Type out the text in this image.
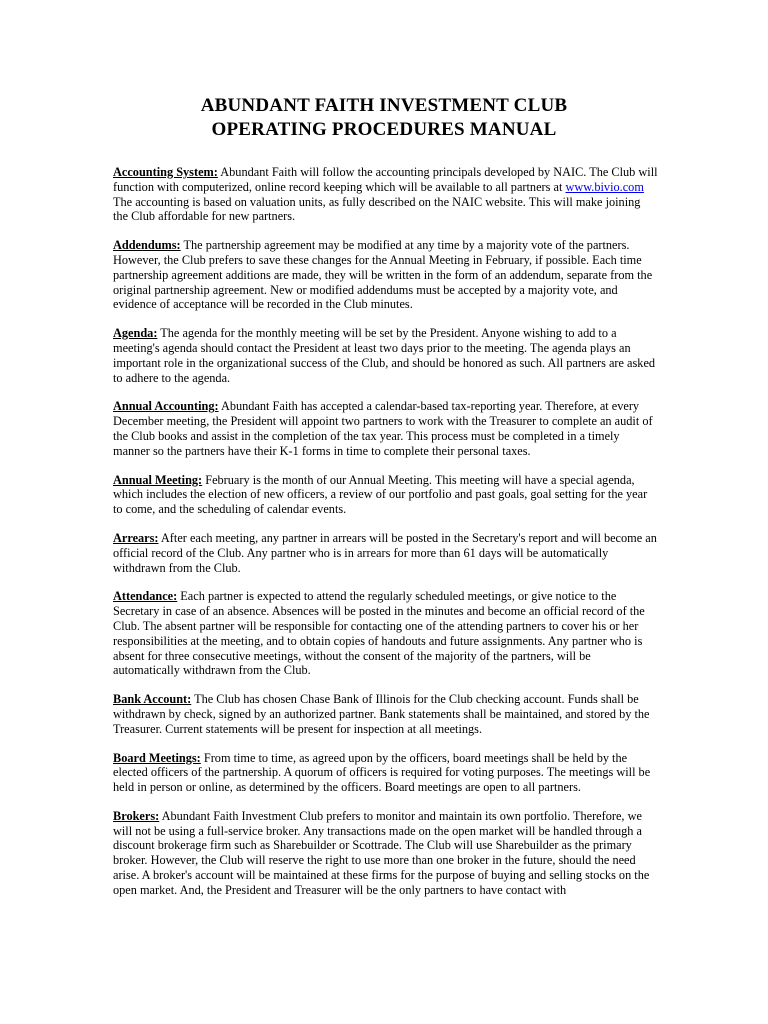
ABUNDANT FAITH INVESTMENT CLUB
OPERATING PROCEDURES MANUAL

Accounting System: Abundant Faith will follow the accounting principals developed by NAIC. The Club will function with computerized, online record keeping which will be available to all partners at www.bivio.com The accounting is based on valuation units, as fully described on the NAIC website. This will make joining the Club affordable for new partners.

Addendums: The partnership agreement may be modified at any time by a majority vote of the partners. However, the Club prefers to save these changes for the Annual Meeting in February, if possible. Each time partnership agreement additions are made, they will be written in the form of an addendum, separate from the original partnership agreement. New or modified addendums must be accepted by a majority vote, and evidence of acceptance will be recorded in the Club minutes.

Agenda: The agenda for the monthly meeting will be set by the President. Anyone wishing to add to a meeting's agenda should contact the President at least two days prior to the meeting. The agenda plays an important role in the organizational success of the Club, and should be honored as such. All partners are asked to adhere to the agenda.

Annual Accounting: Abundant Faith has accepted a calendar-based tax-reporting year. Therefore, at every December meeting, the President will appoint two partners to work with the Treasurer to complete an audit of the Club books and assist in the completion of the tax year. This process must be completed in a timely manner so the partners have their K-1 forms in time to complete their personal taxes.

Annual Meeting: February is the month of our Annual Meeting. This meeting will have a special agenda, which includes the election of new officers, a review of our portfolio and past goals, goal setting for the year to come, and the scheduling of calendar events.

Arrears: After each meeting, any partner in arrears will be posted in the Secretary's report and will become an official record of the Club. Any partner who is in arrears for more than 61 days will be automatically withdrawn from the Club.

Attendance: Each partner is expected to attend the regularly scheduled meetings, or give notice to the Secretary in case of an absence. Absences will be posted in the minutes and become an official record of the Club. The absent partner will be responsible for contacting one of the attending partners to cover his or her responsibilities at the meeting, and to obtain copies of handouts and future assignments. Any partner who is absent for three consecutive meetings, without the consent of the majority of the partners, will be automatically withdrawn from the Club.

Bank Account: The Club has chosen Chase Bank of Illinois for the Club checking account. Funds shall be withdrawn by check, signed by an authorized partner. Bank statements shall be maintained, and stored by the Treasurer. Current statements will be present for inspection at all meetings.

Board Meetings: From time to time, as agreed upon by the officers, board meetings shall be held by the elected officers of the partnership. A quorum of officers is required for voting purposes. The meetings will be held in person or online, as determined by the officers. Board meetings are open to all partners.

Brokers: Abundant Faith Investment Club prefers to monitor and maintain its own portfolio. Therefore, we will not be using a full-service broker. Any transactions made on the open market will be handled through a discount brokerage firm such as Sharebuilder or Scottrade. The Club will use Sharebuilder as the primary broker. However, the Club will reserve the right to use more than one broker in the future, should the need arise. A broker's account will be maintained at these firms for the purpose of buying and selling stocks on the open market. And, the President and Treasurer will be the only partners to have contact with
